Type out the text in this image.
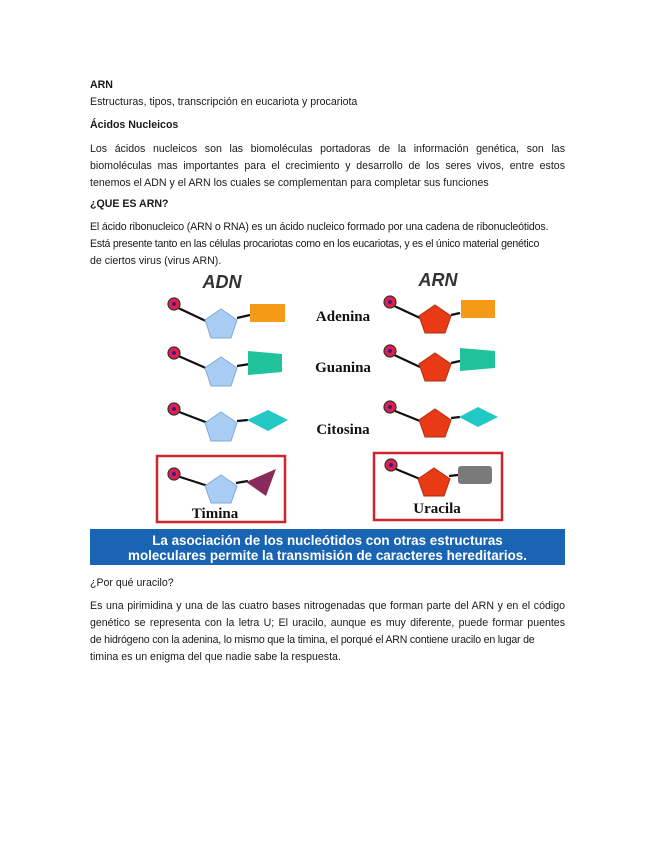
ARN
Estructuras, tipos, transcripción en eucariota y procariota
Ácidos Nucleicos
Los ácidos nucleicos son las biomoléculas portadoras de la información genética, son las
biomoléculas mas importantes para el crecimiento y desarrollo de los seres vivos, entre estos
tenemos el ADN y el ARN los cuales se complementan para completar sus funciones
¿QUE ES ARN?
El ácido ribonucleico (ARN o RNA) es un ácido nucleico formado por una cadena de ribonucleótidos.
Está presente tanto en las células procariotas como en los eucariotas, y es el único material genético
de ciertos virus (virus ARN).
ADN	ARN
Adenina
Guanina
Citosina
Timina	Uracila
La asociación de los nucleótidos con otras estructuras
moleculares permite la transmisión de caracteres hereditarios.
¿Por qué uracilo?
Es una pirimidina y una de las cuatro bases nitrogenadas que forman parte del ARN y en el código
genético se representa con la letra U; El uracilo, aunque es muy diferente, puede formar puentes
de hidrógeno con la adenina, lo mismo que la timina, el porqué el ARN contiene uracilo en lugar de
timina es un enigma del que nadie sabe la respuesta.
